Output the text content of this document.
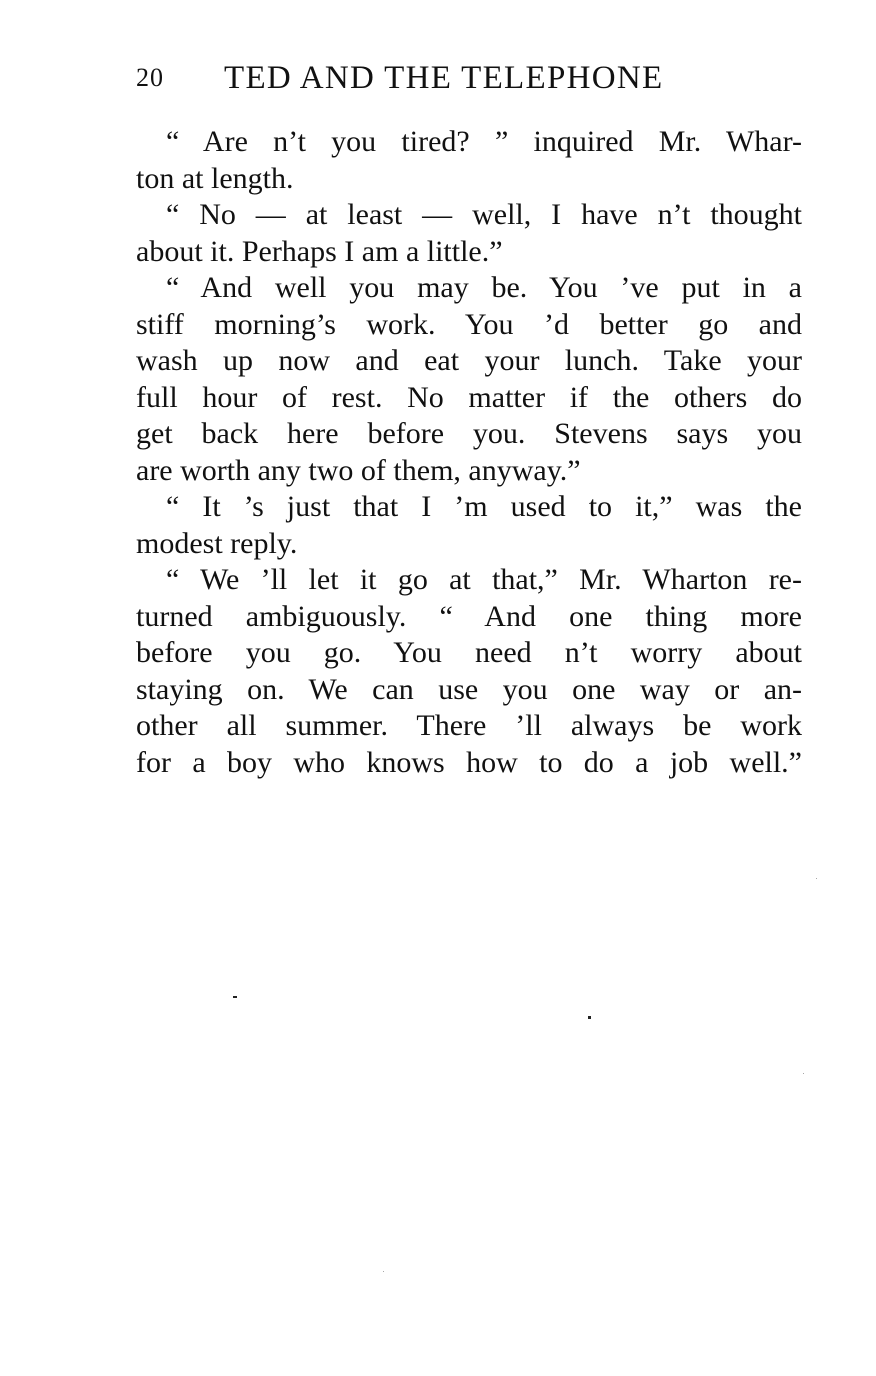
20 TED AND THE TELEPHONE
“ Are n’t you tired? ” inquired Mr. Whar-
ton at length.
“ No — at least — well, I have n’t thought
about it. Perhaps I am a little.”
“ And well you may be. You ’ve put in a
stiff morning’s work. You ’d better go and
wash up now and eat your lunch. Take your
full hour of rest. No matter if the others do
get back here before you. Stevens says you
are worth any two of them, anyway.”
“ It ’s just that I ’m used to it,” was the
modest reply.
“ We ’ll let it go at that,” Mr. Wharton re-
turned ambiguously. “ And one thing more
before you go. You need n’t worry about
staying on. We can use you one way or an-
other all summer. There ’ll always be work
for a boy who knows how to do a job well.”
